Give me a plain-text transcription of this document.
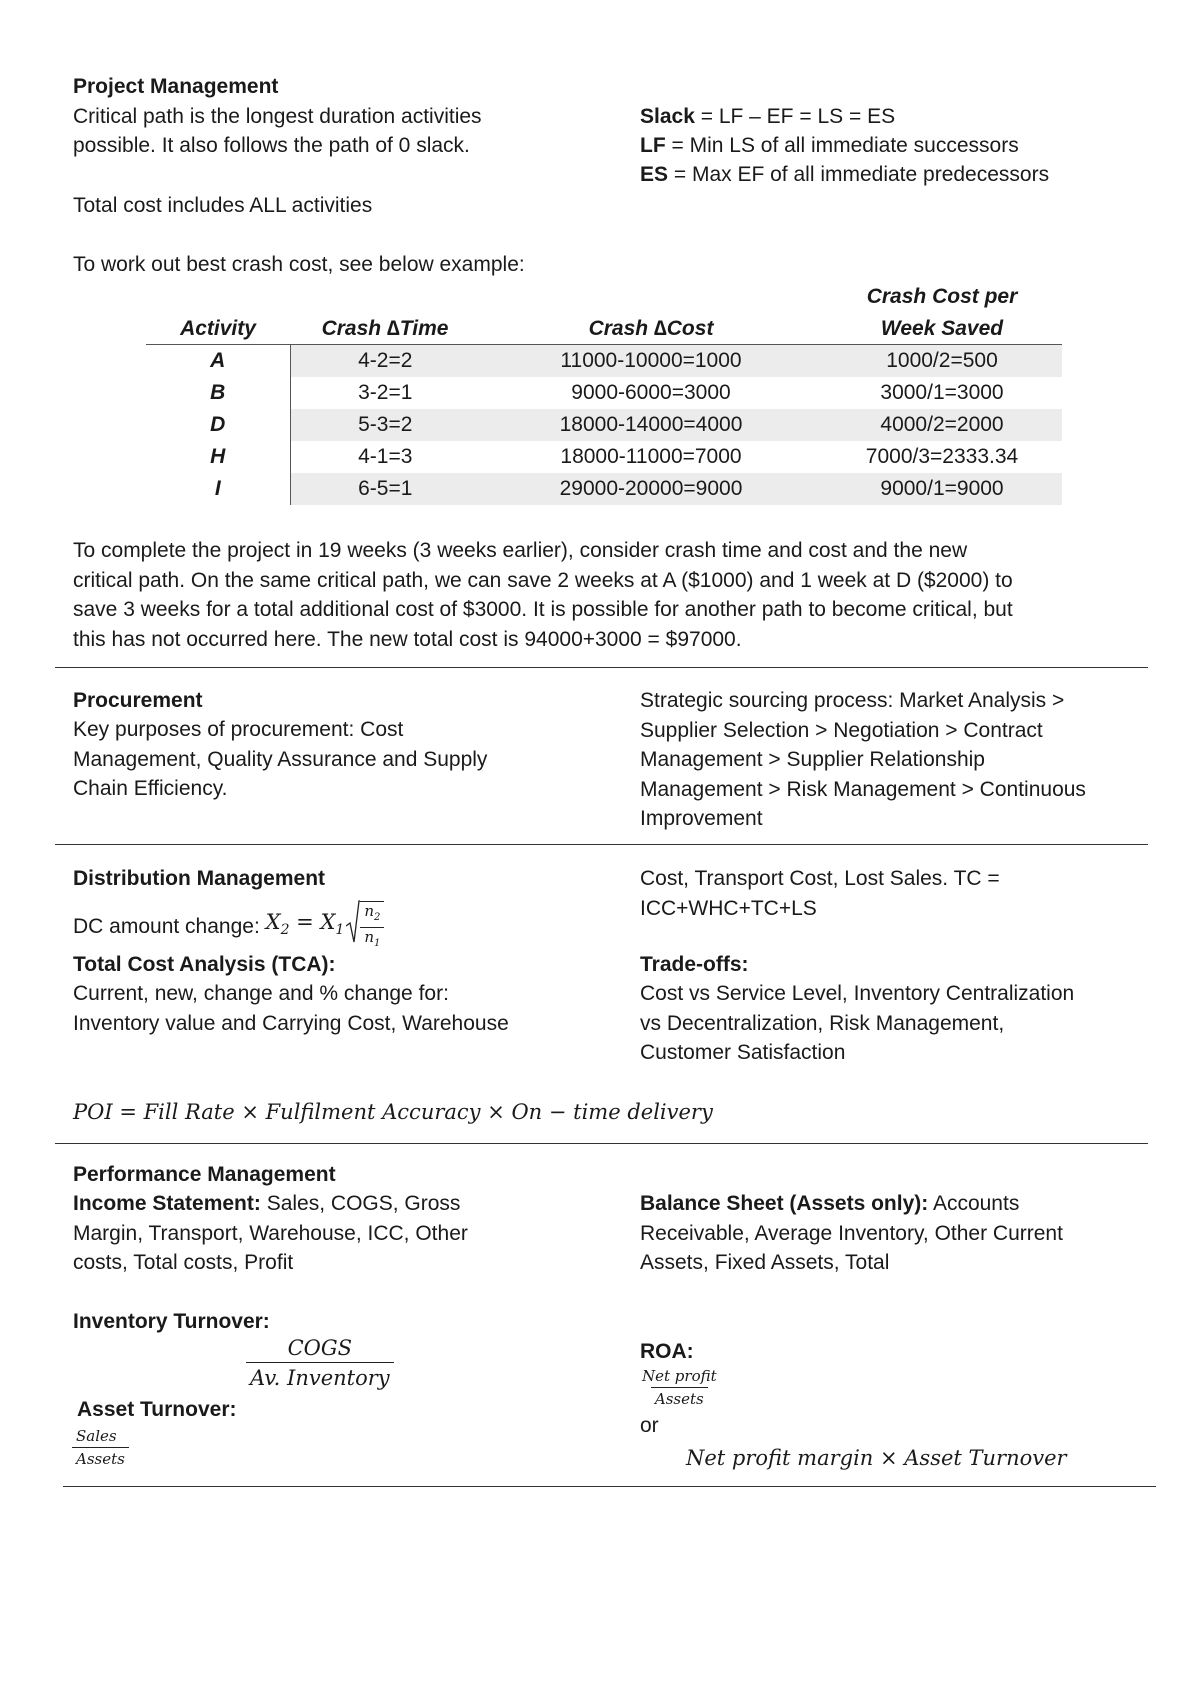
Project Management
Critical path is the longest duration activities
possible. It also follows the path of 0 slack.
Total cost includes ALL activities
To work out best crash cost, see below example:
Slack = LF – EF = LS = ES
LF = Min LS of all immediate successors
ES = Max EF of all immediate predecessors
			Crash Cost per
Activity	Crash ∆Time	Crash ∆Cost	Week Saved
A	4-2=2	11000-10000=1000	1000/2=500
B	3-2=1	9000-6000=3000	3000/1=3000
D	5-3=2	18000-14000=4000	4000/2=2000
H	4-1=3	18000-11000=7000	7000/3=2333.34
I	6-5=1	29000-20000=9000	9000/1=9000
To complete the project in 19 weeks (3 weeks earlier), consider crash time and cost and the new
critical path. On the same critical path, we can save 2 weeks at A ($1000) and 1 week at D ($2000) to
save 3 weeks for a total additional cost of $3000. It is possible for another path to become critical, but
this has not occurred here. The new total cost is 94000+3000 = $97000.
Procurement
Key purposes of procurement: Cost
Management, Quality Assurance and Supply
Chain Efficiency.
Strategic sourcing process: Market Analysis >
Supplier Selection > Negotiation > Contract
Management > Supplier Relationship
Management > Risk Management > Continuous
Improvement
Distribution Management
DC amount change: $X_2 = X_1 \frac{n_2}{n_1}$
Total Cost Analysis (TCA):
Current, new, change and % change for:
Inventory value and Carrying Cost, Warehouse
Cost, Transport Cost, Lost Sales. TC =
ICC+WHC+TC+LS
Trade-offs:
Cost vs Service Level, Inventory Centralization
vs Decentralization, Risk Management,
Customer Satisfaction
POI = Fill Rate × Fulfilment Accuracy × On − time delivery
Performance Management
Income Statement: Sales, COGS, Gross
Margin, Transport, Warehouse, ICC, Other
costs, Total costs, Profit
Balance Sheet (Assets only): Accounts
Receivable, Average Inventory, Other Current
Assets, Fixed Assets, Total
Inventory Turnover:
COGS
Av. Inventory
Asset Turnover:
Sales
Assets
ROA:
Net profit
Assets
or
Net profit margin × Asset Turnover
